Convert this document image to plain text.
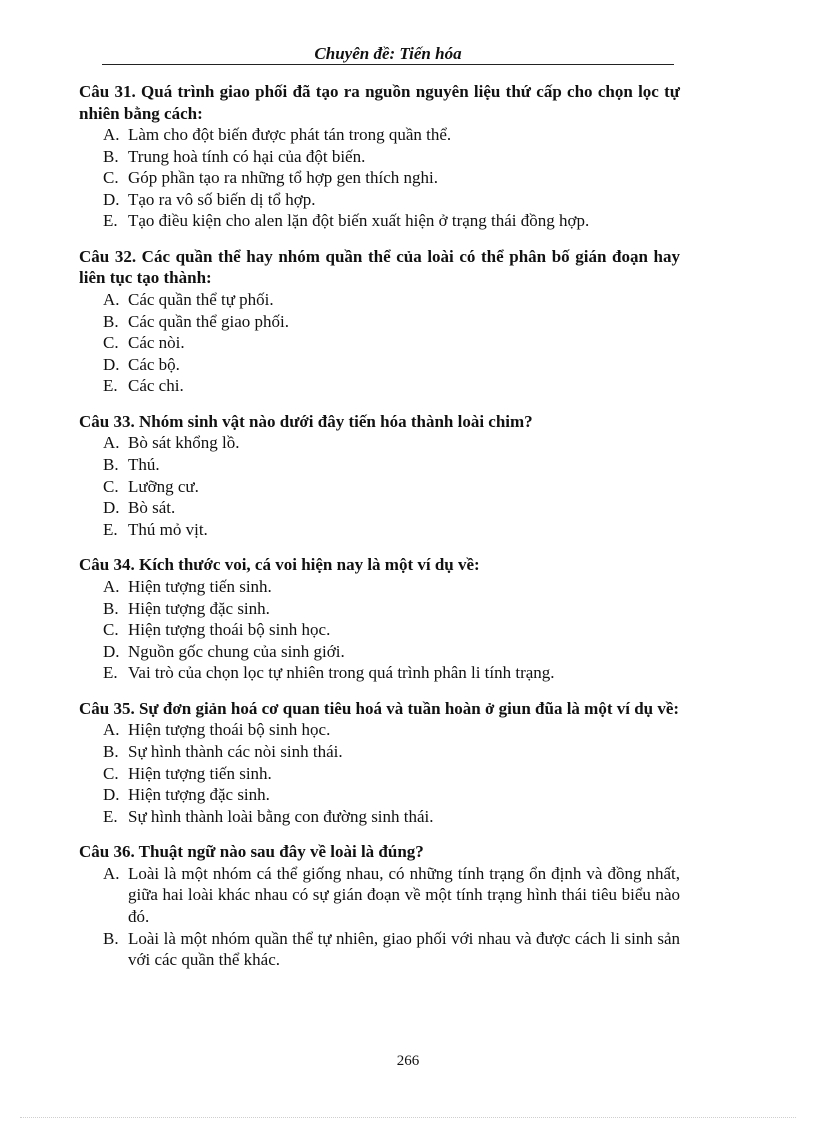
Chuyên đề: Tiến hóa
Câu 31. Quá trình giao phối đã tạo ra nguồn nguyên liệu thứ cấp cho chọn lọc tự nhiên bằng cách:
A. Làm cho đột biến được phát tán trong quần thể.
B. Trung hoà tính có hại của đột biến.
C. Góp phần tạo ra những tổ hợp gen thích nghi.
D. Tạo ra vô số biến dị tổ hợp.
E. Tạo điều kiện cho alen lặn đột biến xuất hiện ở trạng thái đồng hợp.
Câu 32. Các quần thể hay nhóm quần thể của loài có thể phân bố gián đoạn hay liên tục tạo thành:
A. Các quần thể tự phối.
B. Các quần thể giao phối.
C. Các nòi.
D. Các bộ.
E. Các chi.
Câu 33. Nhóm sinh vật nào dưới đây tiến hóa thành loài chim?
A. Bò sát khổng lồ.
B. Thú.
C. Lưỡng cư.
D. Bò sát.
E. Thú mỏ vịt.
Câu 34. Kích thước voi, cá voi hiện nay là một ví dụ về:
A. Hiện tượng tiến sinh.
B. Hiện tượng đặc sinh.
C. Hiện tượng thoái bộ sinh học.
D. Nguồn gốc chung của sinh giới.
E. Vai trò của chọn lọc tự nhiên trong quá trình phân li tính trạng.
Câu 35. Sự đơn giản hoá cơ quan tiêu hoá và tuần hoàn ở giun đũa là một ví dụ về:
A. Hiện tượng thoái bộ sinh học.
B. Sự hình thành các nòi sinh thái.
C. Hiện tượng tiến sinh.
D. Hiện tượng đặc sinh.
E. Sự hình thành loài bằng con đường sinh thái.
Câu 36. Thuật ngữ nào sau đây về loài là đúng?
A. Loài là một nhóm cá thể giống nhau, có những tính trạng ổn định và đồng nhất, giữa hai loài khác nhau có sự gián đoạn về một tính trạng hình thái tiêu biểu nào đó.
B. Loài là một nhóm quần thể tự nhiên, giao phối với nhau và được cách li sinh sản với các quần thể khác.
266
